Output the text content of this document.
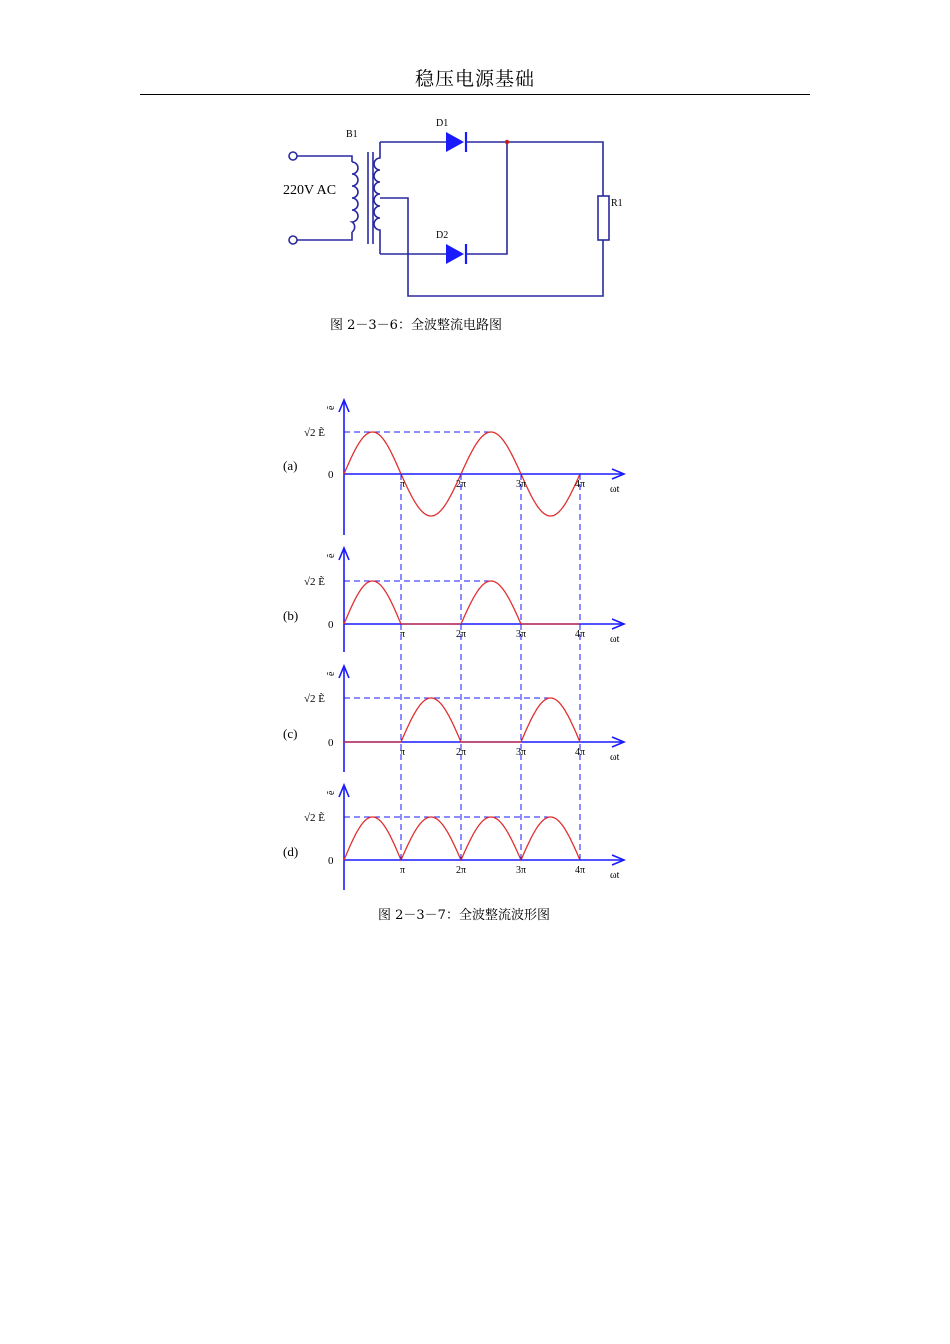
稳压电源基础
B1
220V AC
D1
D2
R1
图 2－3－6：全波整流电路图
(a)
0
√2 Ẽ
ẽ
ωt
π	2π	3π	4π
(b)
0
√2 Ẽ
ẽ
ωt
π	2π	3π	4π
(c)
0
√2 Ẽ
ẽ
ωt
π	2π	3π	4π
(d)
0
√2 Ẽ
ẽ
ωt
π	2π	3π	4π
图 2－3－7：全波整流波形图
